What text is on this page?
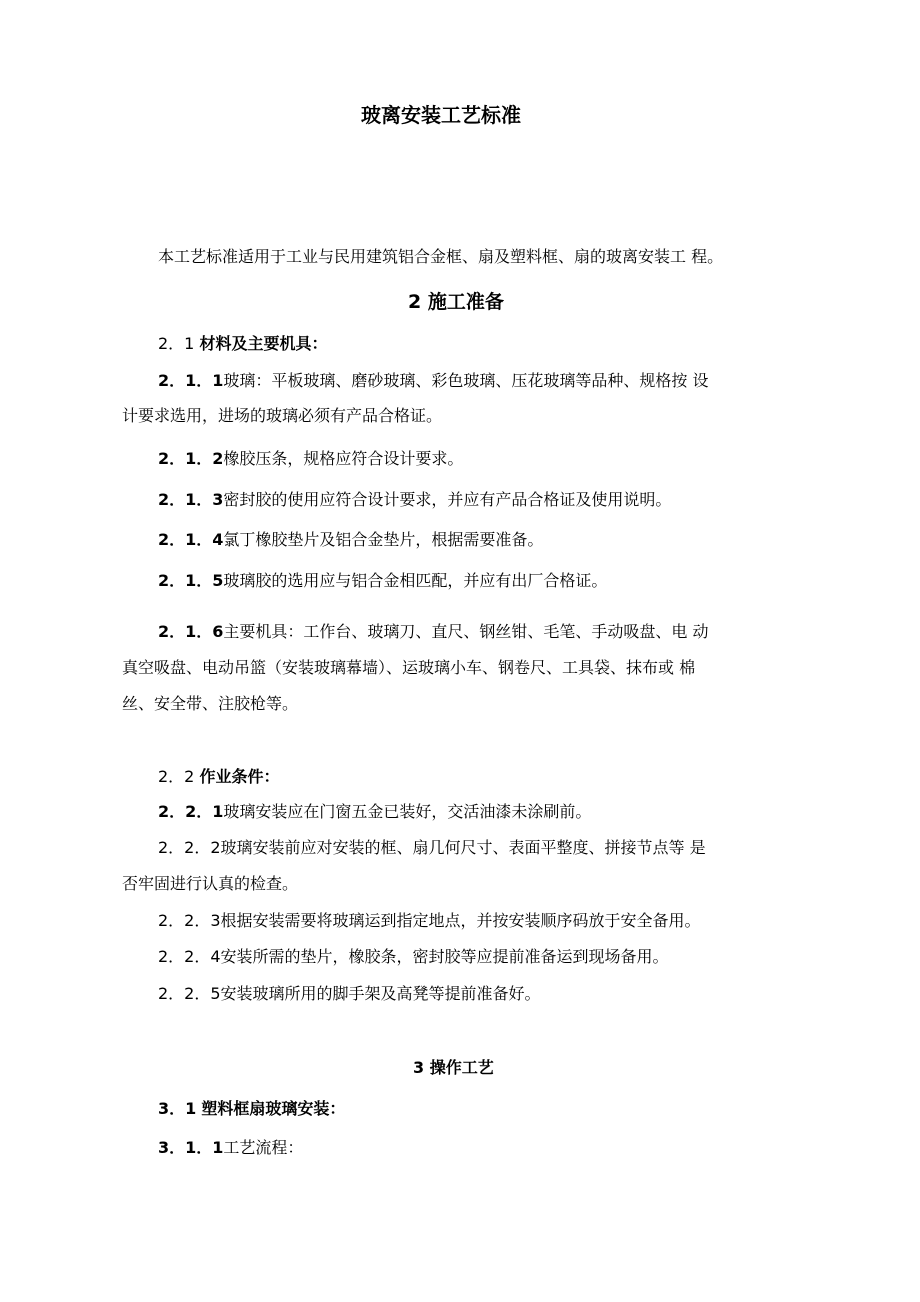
玻离安装工艺标准
本工艺标准适用于工业与民用建筑铝合金框、扇及塑料框、扇的玻离安装工 程。
2 施工准备
2．1 材料及主要机具：
2．1．1玻璃：平板玻璃、磨砂玻璃、彩色玻璃、压花玻璃等品种、规格按 设
计要求选用，进场的玻璃必须有产品合格证。
2．1．2橡胶压条，规格应符合设计要求。
2．1．3密封胶的使用应符合设计要求，并应有产品合格证及使用说明。
2．1．4氯丁橡胶垫片及铝合金垫片，根据需要准备。
2．1．5玻璃胶的选用应与铝合金相匹配，并应有出厂合格证。
2．1．6主要机具：工作台、玻璃刀、直尺、钢丝钳、毛笔、手动吸盘、电 动
真空吸盘、电动吊篮（安装玻璃幕墙）、运玻璃小车、钢卷尺、工具袋、抹布或 棉
丝、安全带、注胶枪等。
2．2 作业条件：
2．2．1玻璃安装应在门窗五金已装好，交活油漆未涂刷前。
2．2．2玻璃安装前应对安装的框、扇几何尺寸、表面平整度、拼接节点等 是
否牢固进行认真的检查。
2．2．3根据安装需要将玻璃运到指定地点，并按安装顺序码放于安全备用。
2．2．4安装所需的垫片，橡胶条，密封胶等应提前准备运到现场备用。
2．2．5安装玻璃所用的脚手架及高凳等提前准备好。
3 操作工艺
3．1 塑料框扇玻璃安装：
3．1．1工艺流程：
